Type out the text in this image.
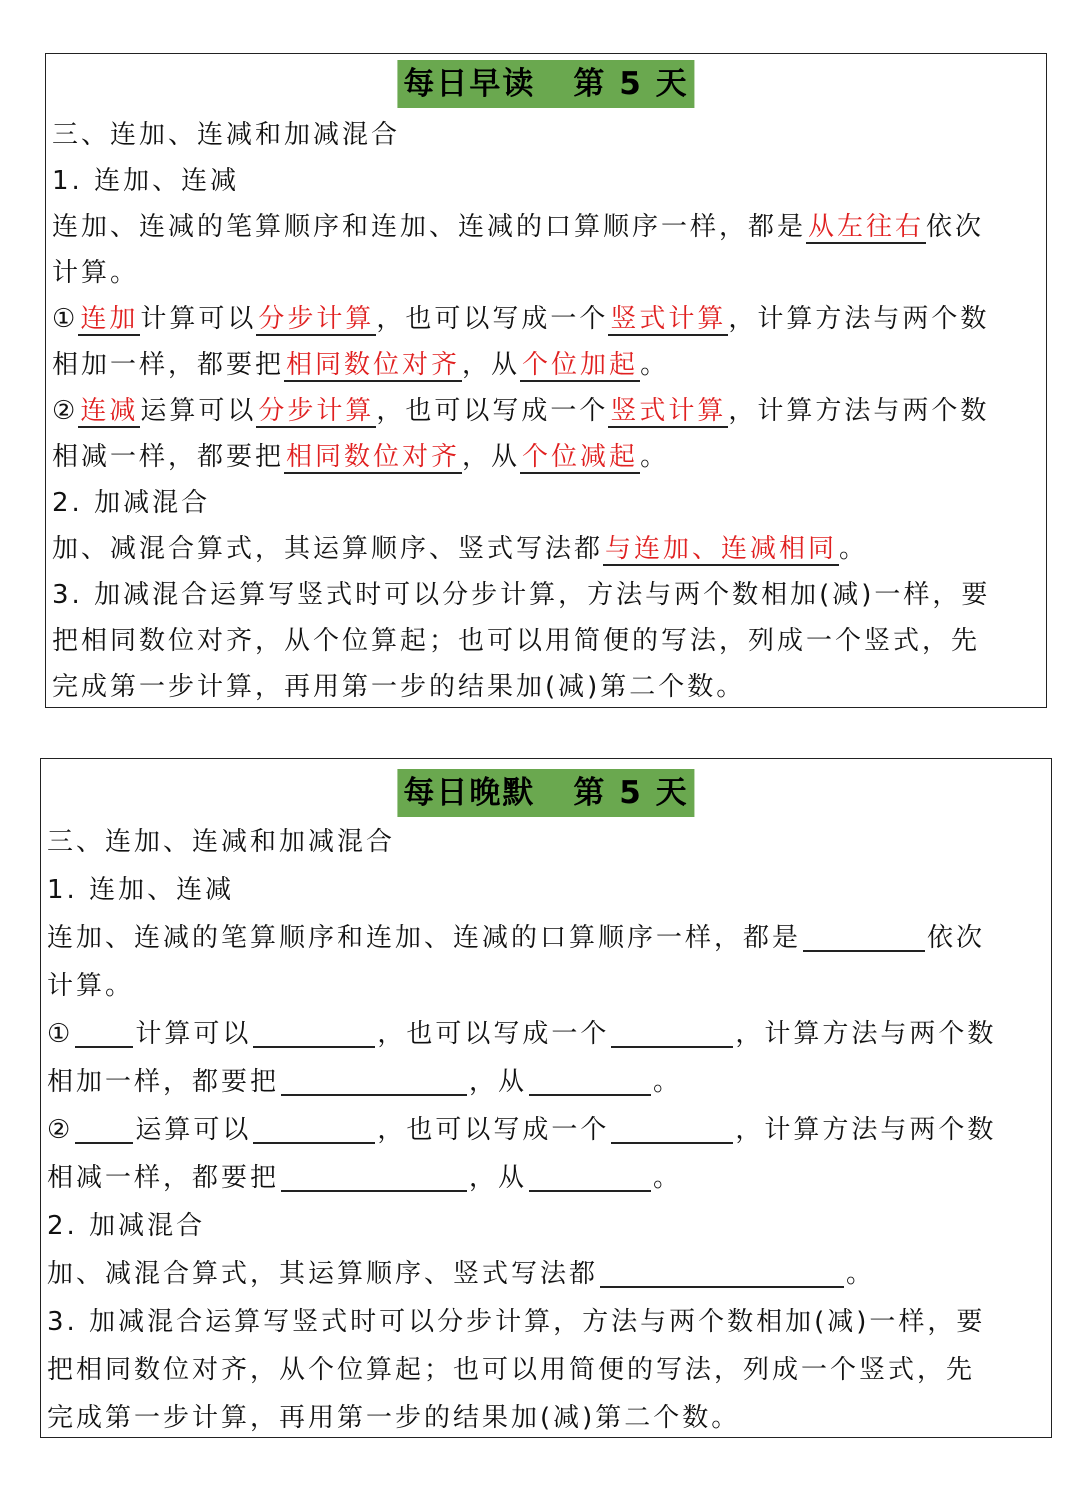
每日早读 第 5 天
三、连加、连减和加减混合
1. 连加、连减
连加、连减的笔算顺序和连加、连减的口算顺序一样，都是从左往右依次
计算。
①连加计算可以分步计算，也可以写成一个竖式计算，计算方法与两个数
相加一样，都要把相同数位对齐，从个位加起。
②连减运算可以分步计算，也可以写成一个竖式计算，计算方法与两个数
相减一样，都要把相同数位对齐，从个位减起。
2. 加减混合
加、减混合算式，其运算顺序、竖式写法都与连加、连减相同。
3. 加减混合运算写竖式时可以分步计算，方法与两个数相加(减)一样，要
把相同数位对齐，从个位算起；也可以用简便的写法，列成一个竖式，先
完成第一步计算，再用第一步的结果加(减)第二个数。
每日晚默 第 5 天
三、连加、连减和加减混合
1. 连加、连减
连加、连减的笔算顺序和连加、连减的口算顺序一样，都是	依次
计算。
① 计算可以	，也可以写成一个	，计算方法与两个数
相加一样，都要把	，从	。
② 运算可以	，也可以写成一个	，计算方法与两个数
相减一样，都要把	，从	。
2. 加减混合
加、减混合算式，其运算顺序、竖式写法都	。
3. 加减混合运算写竖式时可以分步计算，方法与两个数相加(减)一样，要
把相同数位对齐，从个位算起；也可以用简便的写法，列成一个竖式，先
完成第一步计算，再用第一步的结果加(减)第二个数。
